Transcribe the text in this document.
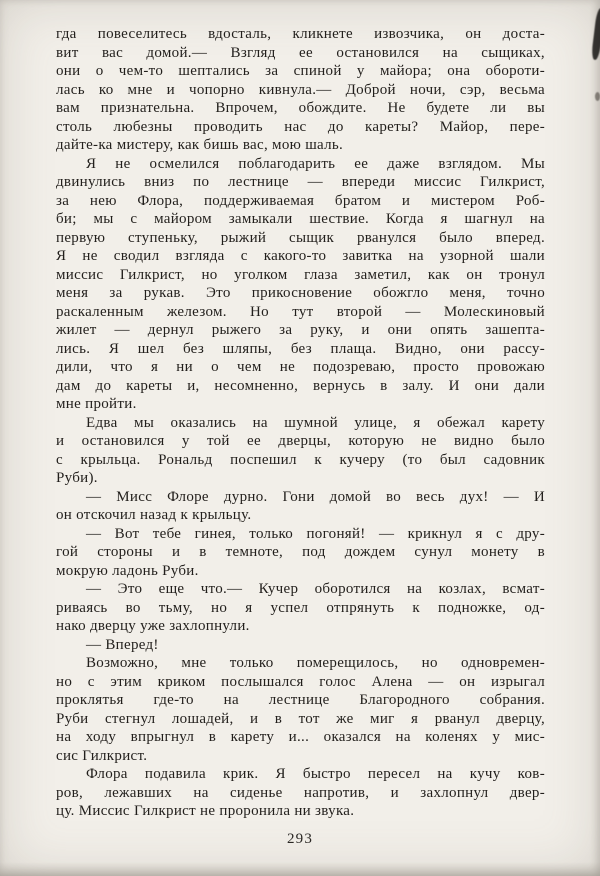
гда повеселитесь вдосталь, кликнете извозчика, он доста-
вит вас домой.— Взгляд ее остановился на сыщиках,
они о чем-то шептались за спиной у майора; она обороти-
лась ко мне и чопорно кивнула.— Доброй ночи, сэр, весьма
вам признательна. Впрочем, обождите. Не будете ли вы
столь любезны проводить нас до кареты? Майор, пере-
дайте-ка мистеру, как бишь вас, мою шаль.
Я не осмелился поблагодарить ее даже взглядом. Мы
двинулись вниз по лестнице — впереди миссис Гилкрист,
за нею Флора, поддерживаемая братом и мистером Роб-
би; мы с майором замыкали шествие. Когда я шагнул на
первую ступеньку, рыжий сыщик рванулся было вперед.
Я не сводил взгляда с какого-то завитка на узорной шали
миссис Гилкрист, но уголком глаза заметил, как он тронул
меня за рукав. Это прикосновение обожгло меня, точно
раскаленным железом. Но тут второй — Молескиновый
жилет — дернул рыжего за руку, и они опять зашепта-
лись. Я шел без шляпы, без плаща. Видно, они рассу-
дили, что я ни о чем не подозреваю, просто провожаю
дам до кареты и, несомненно, вернусь в залу. И они дали
мне пройти.
Едва мы оказались на шумной улице, я обежал карету
и остановился у той ее дверцы, которую не видно было
с крыльца. Рональд поспешил к кучеру (то был садовник
Руби).
— Мисс Флоре дурно. Гони домой во весь дух! — И
он отскочил назад к крыльцу.
— Вот тебе гинея, только погоняй! — крикнул я с дру-
гой стороны и в темноте, под дождем сунул монету в
мокрую ладонь Руби.
— Это еще что.— Кучер оборотился на козлах, всмат-
риваясь во тьму, но я успел отпрянуть к подножке, од-
нако дверцу уже захлопнули.
— Вперед!
Возможно, мне только померещилось, но одновремен-
но с этим криком послышался голос Алена — он изрыгал
проклятья где-то на лестнице Благородного собрания.
Руби стегнул лошадей, и в тот же миг я рванул дверцу,
на ходу впрыгнул в карету и... оказался на коленях у мис-
сис Гилкрист.
Флора подавила крик. Я быстро пересел на кучу ков-
ров, лежавших на сиденье напротив, и захлопнул двер-
цу. Миссис Гилкрист не проронила ни звука.
293
